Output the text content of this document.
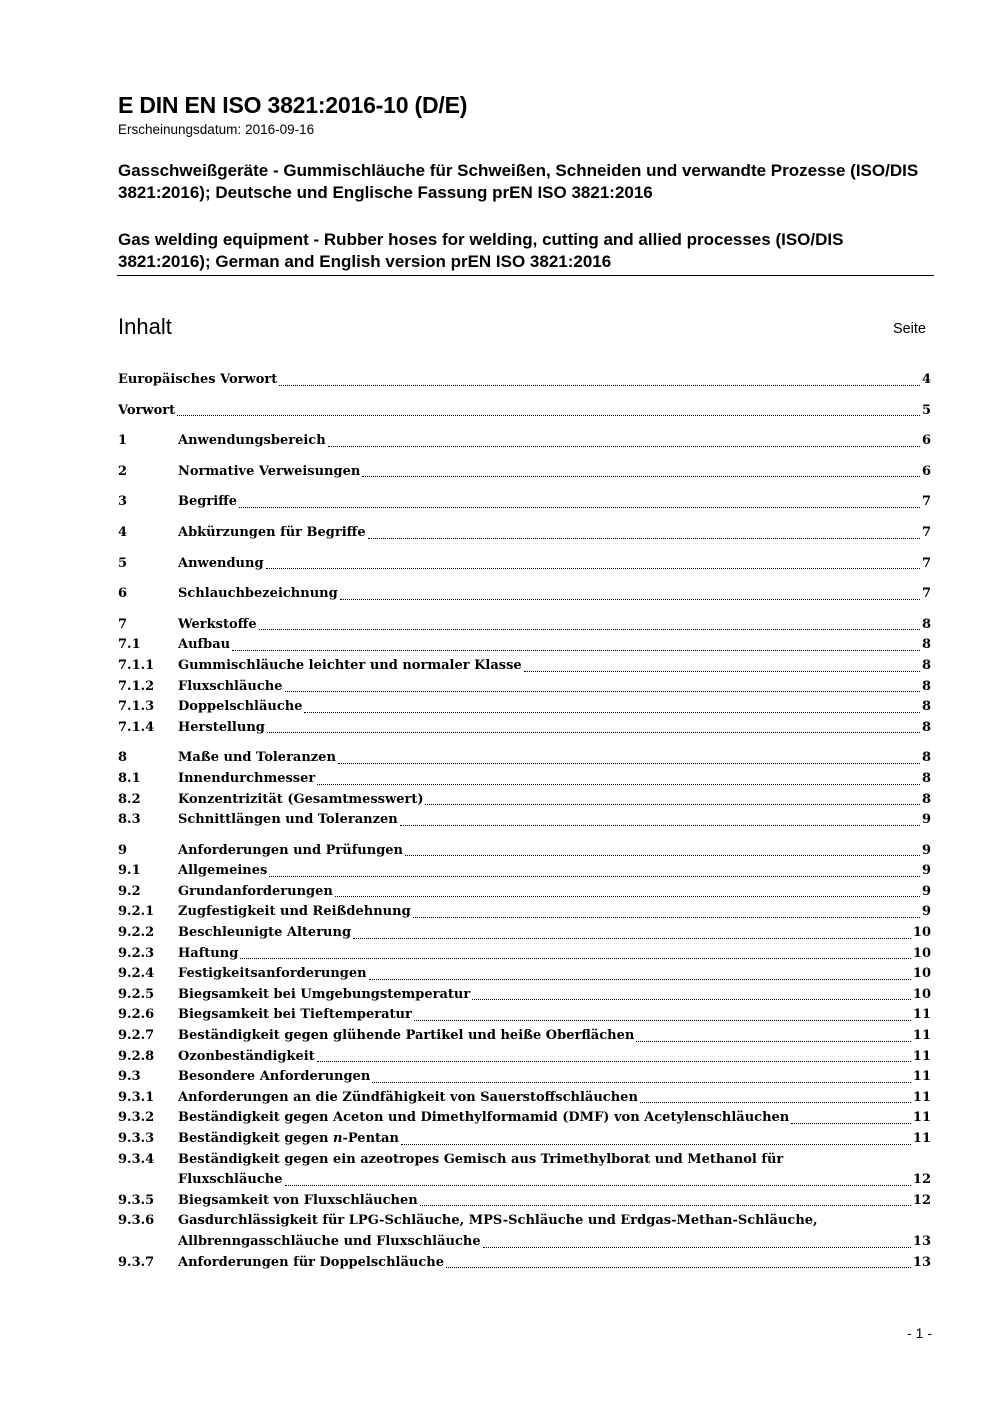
E DIN EN ISO 3821:2016-10 (D/E)
Erscheinungsdatum: 2016-09-16
Gasschweißgeräte - Gummischläuche für Schweißen, Schneiden und verwandte Prozesse (ISO/DIS 3821:2016); Deutsche und Englische Fassung prEN ISO 3821:2016
Gas welding equipment - Rubber hoses for welding, cutting and allied processes (ISO/DIS 3821:2016); German and English version prEN ISO 3821:2016
Inhalt	Seite
Europäisches Vorwort	4
Vorwort	5
1	Anwendungsbereich	6
2	Normative Verweisungen	6
3	Begriffe	7
4	Abkürzungen für Begriffe	7
5	Anwendung	7
6	Schlauchbezeichnung	7
7	Werkstoffe	8
7.1	Aufbau	8
7.1.1	Gummischläuche leichter und normaler Klasse	8
7.1.2	Fluxschläuche	8
7.1.3	Doppelschläuche	8
7.1.4	Herstellung	8
8	Maße und Toleranzen	8
8.1	Innendurchmesser	8
8.2	Konzentrizität (Gesamtmesswert)	8
8.3	Schnittlängen und Toleranzen	9
9	Anforderungen und Prüfungen	9
9.1	Allgemeines	9
9.2	Grundanforderungen	9
9.2.1	Zugfestigkeit und Reißdehnung	9
9.2.2	Beschleunigte Alterung	10
9.2.3	Haftung	10
9.2.4	Festigkeitsanforderungen	10
9.2.5	Biegsamkeit bei Umgebungstemperatur	10
9.2.6	Biegsamkeit bei Tieftemperatur	11
9.2.7	Beständigkeit gegen glühende Partikel und heiße Oberflächen	11
9.2.8	Ozonbeständigkeit	11
9.3	Besondere Anforderungen	11
9.3.1	Anforderungen an die Zündfähigkeit von Sauerstoffschläuchen	11
9.3.2	Beständigkeit gegen Aceton und Dimethylformamid (DMF) von Acetylenschläuchen	11
9.3.3	Beständigkeit gegen n-Pentan	11
9.3.4	Beständigkeit gegen ein azeotropes Gemisch aus Trimethylborat und Methanol für
Fluxschläuche	12
9.3.5	Biegsamkeit von Fluxschläuchen	12
9.3.6	Gasdurchlässigkeit für LPG-Schläuche, MPS-Schläuche und Erdgas-Methan-Schläuche,
Allbrenngasschläuche und Fluxschläuche	13
9.3.7	Anforderungen für Doppelschläuche	13
- 1 -
